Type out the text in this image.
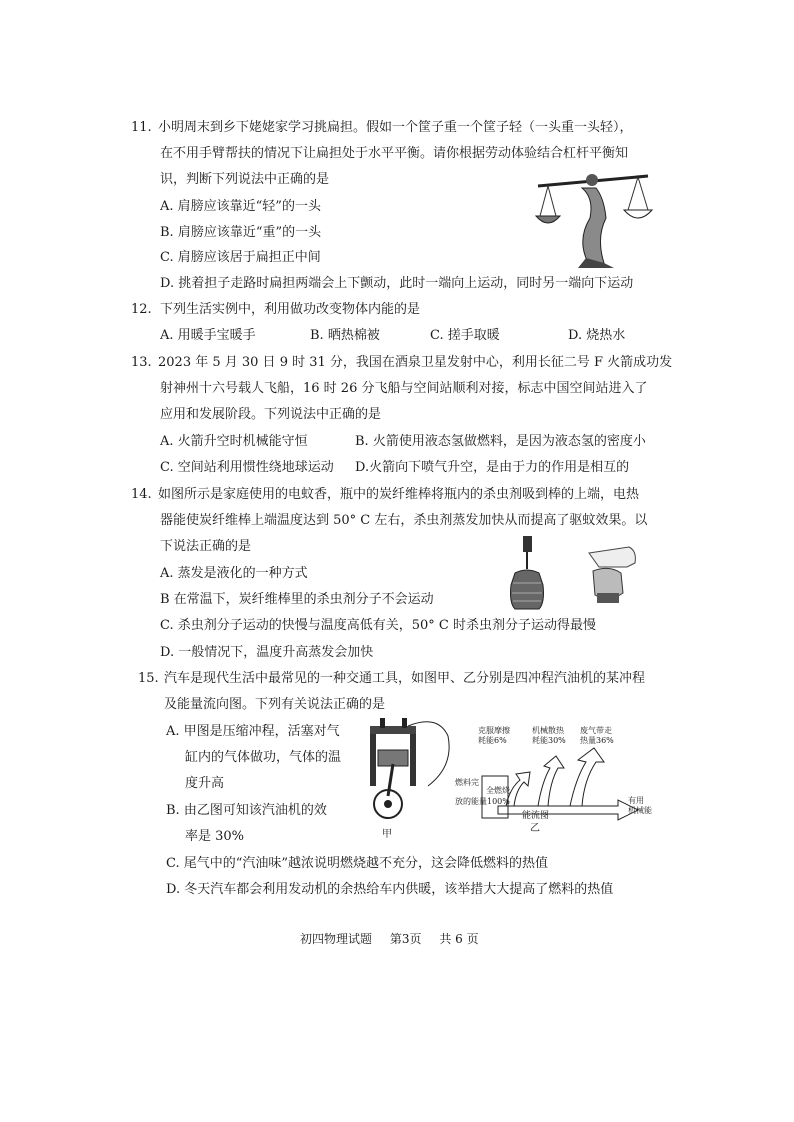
11. 小明周末到乡下姥姥家学习挑扁担。假如一个筐子重一个筐子轻（一头重一头轻），
在不用手臂帮扶的情况下让扁担处于水平平衡。请你根据劳动体验结合杠杆平衡知
识，判断下列说法中正确的是
A. 肩膀应该靠近“轻”的一头
B. 肩膀应该靠近“重”的一头
C. 肩膀应该居于扁担正中间
D. 挑着担子走路时扁担两端会上下颤动，此时一端向上运动，同时另一端向下运动
12. 下列生活实例中，利用做功改变物体内能的是
A. 用暖手宝暖手	B. 晒热棉被	C. 搓手取暖	D. 烧热水
13. 2023 年 5 月 30 日 9 时 31 分，我国在酒泉卫星发射中心，利用长征二号 F 火箭成功发
射神州十六号载人飞船，16 时 26 分飞船与空间站顺利对接，标志中国空间站进入了
应用和发展阶段。下列说法中正确的是
A. 火箭升空时机械能守恒	B. 火箭使用液态氢做燃料，是因为液态氢的密度小
C. 空间站利用惯性绕地球运动 D.火箭向下喷气升空，是由于力的作用是相互的
14. 如图所示是家庭使用的电蚊香，瓶中的炭纤维棒将瓶内的杀虫剂吸到棒的上端，电热
器能使炭纤维棒上端温度达到 50° C 左右，杀虫剂蒸发加快从而提高了驱蚊效果。以
下说法正确的是
A. 蒸发是液化的一种方式
B 在常温下，炭纤维棒里的杀虫剂分子不会运动
C. 杀虫剂分子运动的快慢与温度高低有关，50° C 时杀虫剂分子运动得最慢
D. 一般情况下，温度升高蒸发会加快
15. 汽车是现代生活中最常见的一种交通工具，如图甲、乙分别是四冲程汽油机的某冲程
及能量流向图。下列有关说法正确的是
A. 甲图是压缩冲程，活塞对气
缸内的气体做功，气体的温
度升高
B. 由乙图可知该汽油机的效
率是 30%
C. 尾气中的“汽油味”越浓说明燃烧越不充分，这会降低燃料的热值
D. 冬天汽车都会利用发动机的余热给车内供暖，该举措大大提高了燃料的热值
甲
燃料完
全燃烧
放的能量100%
克服摩擦
耗能6%
机械散热
耗能30%
废气带走
热量36%
有用
机械能
能流图
乙
初四物理试题 第3页 共 6 页
